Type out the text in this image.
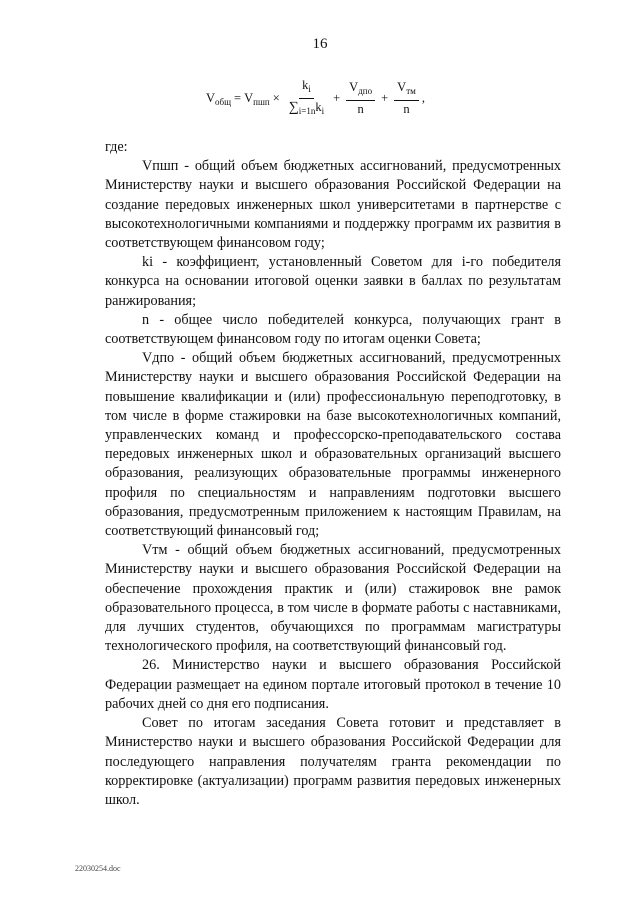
16
$V_{общ} = V_{пшп} \times \frac{k_i}{\sum_{i=1n}k_i} + \frac{V_{дпо}}{n} + \frac{V_{тм}}{n}$ ,

где:

Vпшп - общий объем бюджетных ассигнований, предусмотренных Министерству науки и высшего образования Российской Федерации на создание передовых инженерных школ университетами в партнерстве с высокотехнологичными компаниями и поддержку программ их развития в соответствующем финансовом году;

ki - коэффициент, установленный Советом для i-го победителя конкурса на основании итоговой оценки заявки в баллах по результатам ранжирования;

n - общее число победителей конкурса, получающих грант в соответствующем финансовом году по итогам оценки Совета;

Vдпо - общий объем бюджетных ассигнований, предусмотренных Министерству науки и высшего образования Российской Федерации на повышение квалификации и (или) профессиональную переподготовку, в том числе в форме стажировки на базе высокотехнологичных компаний, управленческих команд и профессорско-преподавательского состава передовых инженерных школ и образовательных организаций высшего образования, реализующих образовательные программы инженерного профиля по специальностям и направлениям подготовки высшего образования, предусмотренным приложением к настоящим Правилам, на соответствующий финансовый год;

Vтм - общий объем бюджетных ассигнований, предусмотренных Министерству науки и высшего образования Российской Федерации на обеспечение прохождения практик и (или) стажировок вне рамок образовательного процесса, в том числе в формате работы с наставниками, для лучших студентов, обучающихся по программам магистратуры технологического профиля, на соответствующий финансовый год.

26. Министерство науки и высшего образования Российской Федерации размещает на едином портале итоговый протокол в течение 10 рабочих дней со дня его подписания.

Совет по итогам заседания Совета готовит и представляет в Министерство науки и высшего образования Российской Федерации для последующего направления получателям гранта рекомендации по корректировке (актуализации) программ развития передовых инженерных школ.

22030254.doc
